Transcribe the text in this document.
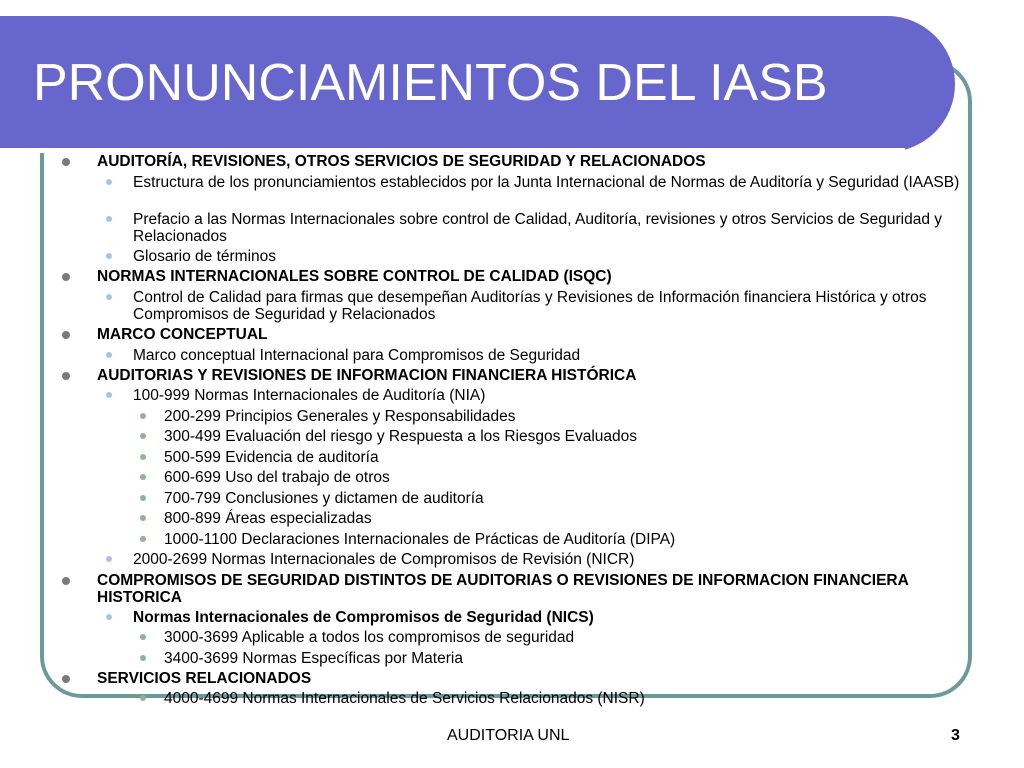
PRONUNCIAMIENTOS DEL IASB
AUDITORÍA, REVISIONES, OTROS SERVICIOS DE SEGURIDAD Y RELACIONADOS
Estructura de los pronunciamientos establecidos por la Junta Internacional de Normas de Auditoría y Seguridad (IAASB)
Prefacio a las Normas Internacionales sobre control de Calidad, Auditoría, revisiones y otros Servicios de Seguridad y Relacionados
Glosario de términos
NORMAS INTERNACIONALES SOBRE CONTROL DE CALIDAD (ISQC)
Control de Calidad para firmas que desempeñan Auditorías y Revisiones de Información financiera Histórica y otros Compromisos de Seguridad y Relacionados
MARCO CONCEPTUAL
Marco conceptual Internacional para Compromisos de Seguridad
AUDITORIAS Y REVISIONES DE INFORMACION FINANCIERA HISTÓRICA
100-999 Normas Internacionales de Auditoría (NIA)
200-299 Principios Generales y Responsabilidades
300-499 Evaluación del riesgo y Respuesta a los Riesgos Evaluados
500-599 Evidencia de auditoría
600-699 Uso del trabajo de otros
700-799 Conclusiones y dictamen de auditoría
800-899 Áreas especializadas
1000-1100 Declaraciones Internacionales de Prácticas de Auditoría (DIPA)
2000-2699 Normas Internacionales de Compromisos de Revisión (NICR)
COMPROMISOS DE SEGURIDAD DISTINTOS DE AUDITORIAS O REVISIONES DE INFORMACION FINANCIERA HISTORICA
Normas Internacionales de Compromisos de Seguridad (NICS)
3000-3699 Aplicable a todos los compromisos de seguridad
3400-3699 Normas Específicas por Materia
SERVICIOS RELACIONADOS
4000-4699 Normas Internacionales de Servicios Relacionados (NISR)
AUDITORIA UNL	3
